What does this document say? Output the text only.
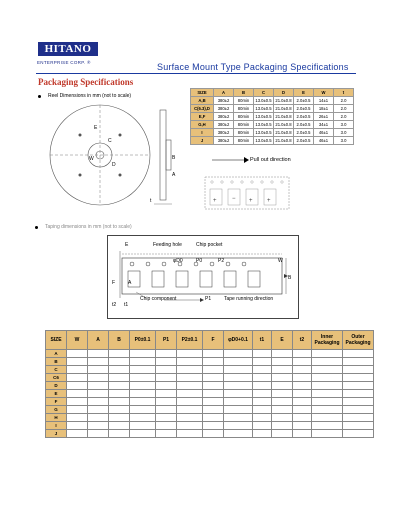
HITANO
ENTERPRISE CORP. ®	Surface Mount Type Packaging Specifications
Packaging Specifications
Reel Dimensions in mm (not to scale)
C
D
W
t
E
B
A
SIZE	A	B	C	D	E	W	t
A,B	380±2	80min	13.0±0.5	21.0±0.8	2.0±0.5	14±1	2.0
C(6.3),D	380±2	80min	13.0±0.5	21.0±0.8	2.0±0.5	18±1	2.0
E,F	380±2	80min	13.0±0.5	21.0±0.8	2.0±0.5	26±1	2.0
G,H	380±2	80min	13.0±0.5	21.0±0.8	2.0±0.5	34±1	3.0
I	380±2	80min	13.0±0.5	21.0±0.8	2.0±0.5	46±1	3.0
J	380±2	80min	13.0±0.5	21.0±0.8	2.0±0.5	46±1	3.0
Pull out direction
+	− + +
Taping dimensions in mm (not to scale)
Feeding hole	Chip pocket
φD0	P0	P2
Chip component	P1	Tape running direction
W
B
E
F	A
t1
t2
SIZE	W	A	B	P0±0.1	P1	P2±0.1	F	φD0+0.1	t1	E	t2	Inner Packaging	Outer Packaging
A													
B													
C													
C6													
D													
E													
F													
G													
H													
I													
J													
